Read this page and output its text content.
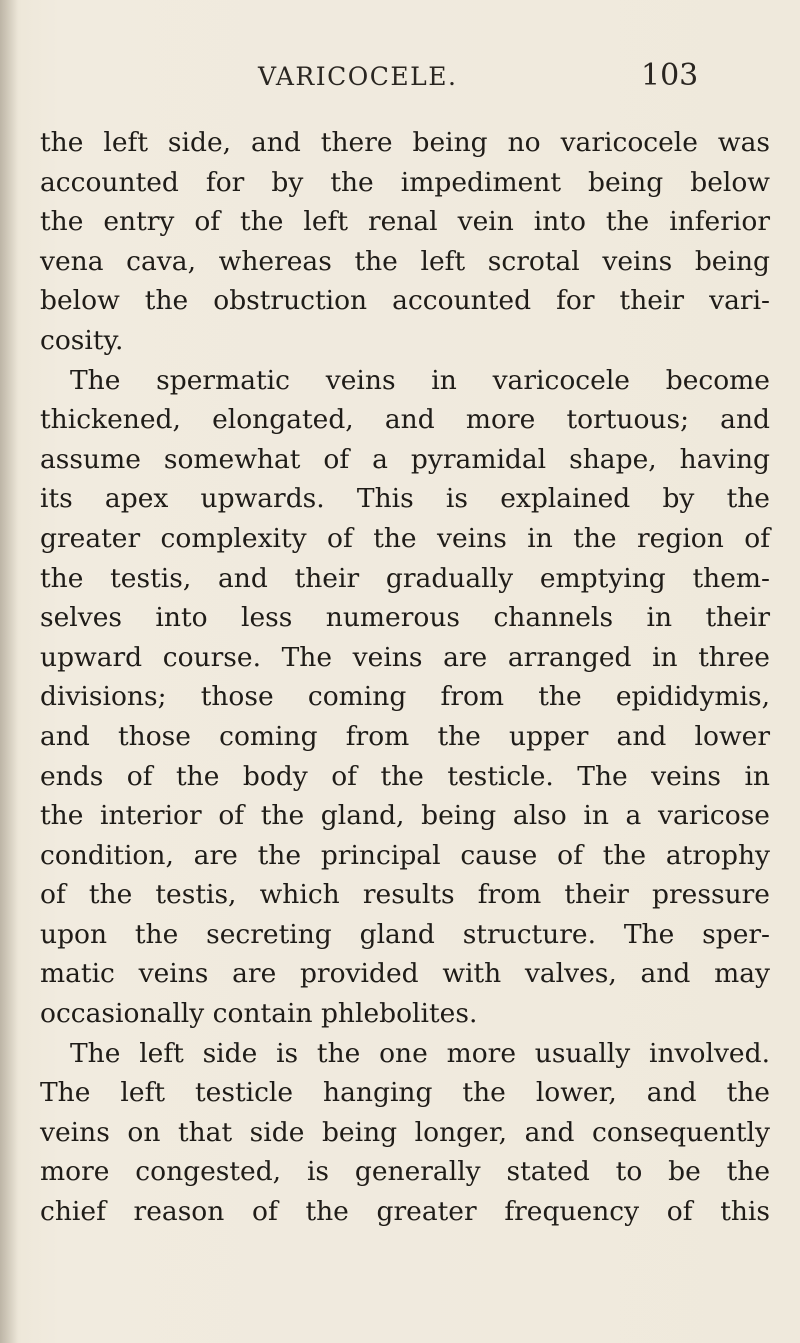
VARICOCELE.	103
the left side, and there being no varicocele was
accounted for by the impediment being below
the entry of the left renal vein into the inferior
vena cava, whereas the left scrotal veins being
below the obstruction accounted for their vari-
cosity.
The spermatic veins in varicocele become
thickened, elongated, and more tortuous; and
assume somewhat of a pyramidal shape, having
its apex upwards. This is explained by the
greater complexity of the veins in the region of
the testis, and their gradually emptying them-
selves into less numerous channels in their
upward course. The veins are arranged in three
divisions; those coming from the epididymis,
and those coming from the upper and lower
ends of the body of the testicle. The veins in
the interior of the gland, being also in a varicose
condition, are the principal cause of the atrophy
of the testis, which results from their pressure
upon the secreting gland structure. The sper-
matic veins are provided with valves, and may
occasionally contain phlebolites.
The left side is the one more usually involved.
The left testicle hanging the lower, and the
veins on that side being longer, and consequently
more congested, is generally stated to be the
chief reason of the greater frequency of this
